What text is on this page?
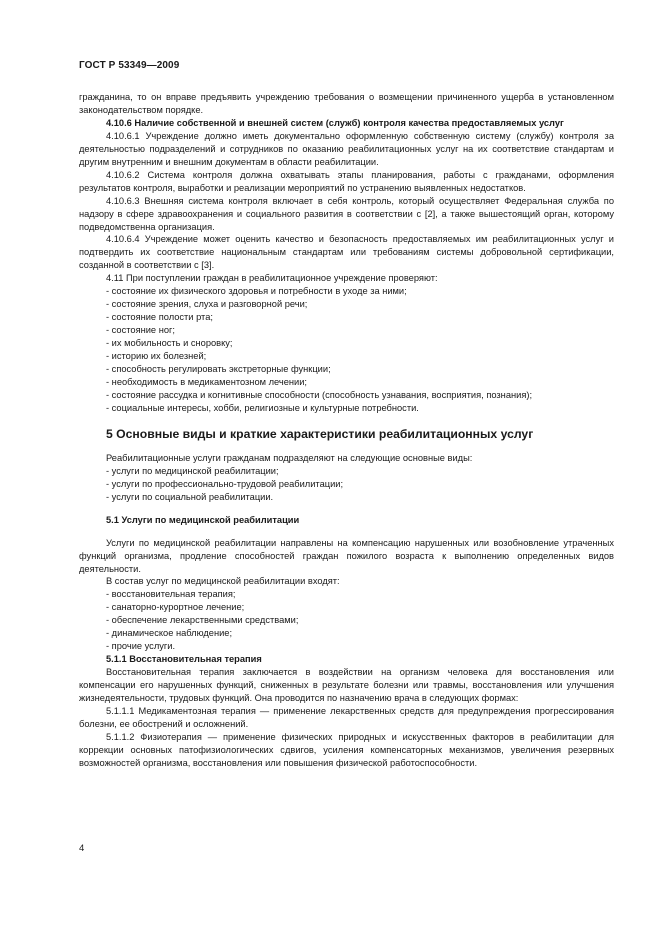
ГОСТ Р 53349—2009

гражданина, то он вправе предъявить учреждению требования о возмещении причиненного ущерба в установленном законодательством порядке.

4.10.6 Наличие собственной и внешней систем (служб) контроля качества предоставляемых услуг

4.10.6.1 Учреждение должно иметь документально оформленную собственную систему (службу) контроля за деятельностью подразделений и сотрудников по оказанию реабилитационных услуг на их соответствие стандартам и другим внутренним и внешним документам в области реабилитации.

4.10.6.2 Система контроля должна охватывать этапы планирования, работы с гражданами, оформления результатов контроля, выработки и реализации мероприятий по устранению выявленных недостатков.

4.10.6.3 Внешняя система контроля включает в себя контроль, который осуществляет Федеральная служба по надзору в сфере здравоохранения и социального развития в соответствии с [2], а также вышестоящий орган, которому подведомственна организация.

4.10.6.4 Учреждение может оценить качество и безопасность предоставляемых им реабилитационных услуг и подтвердить их соответствие национальным стандартам или требованиям системы добровольной сертификации, созданной в соответствии с [3].

4.11 При поступлении граждан в реабилитационное учреждение проверяют:

- состояние их физического здоровья и потребности в уходе за ними;

- состояние зрения, слуха и разговорной речи;

- состояние полости рта;

- состояние ног;

- их мобильность и сноровку;

- историю их болезней;

- способность регулировать экстреторные функции;

- необходимость в медикаментозном лечении;

- состояние рассудка и когнитивные способности (способность узнавания, восприятия, познания);

- социальные интересы, хобби, религиозные и культурные потребности.

5 Основные виды и краткие характеристики реабилитационных услуг

Реабилитационные услуги гражданам подразделяют на следующие основные виды:

- услуги по медицинской реабилитации;

- услуги по профессионально-трудовой реабилитации;

- услуги по социальной реабилитации.

5.1 Услуги по медицинской реабилитации

Услуги по медицинской реабилитации направлены на компенсацию нарушенных или возобновление утраченных функций организма, продление способностей граждан пожилого возраста к выполнению определенных видов деятельности.

В состав услуг по медицинской реабилитации входят:

- восстановительная терапия;

- санаторно-курортное лечение;

- обеспечение лекарственными средствами;

- динамическое наблюдение;

- прочие услуги.

5.1.1 Восстановительная терапия

Восстановительная терапия заключается в воздействии на организм человека для восстановления или компенсации его нарушенных функций, сниженных в результате болезни или травмы, восстановления или улучшения жизнедеятельности, трудовых функций. Она проводится по назначению врача в следующих формах:

5.1.1.1 Медикаментозная терапия — применение лекарственных средств для предупреждения прогрессирования болезни, ее обострений и осложнений.

5.1.1.2 Физиотерапия — применение физических природных и искусственных факторов в реабилитации для коррекции основных патофизиологических сдвигов, усиления компенсаторных механизмов, увеличения резервных возможностей организма, восстановления или повышения физической работоспособности.

4
